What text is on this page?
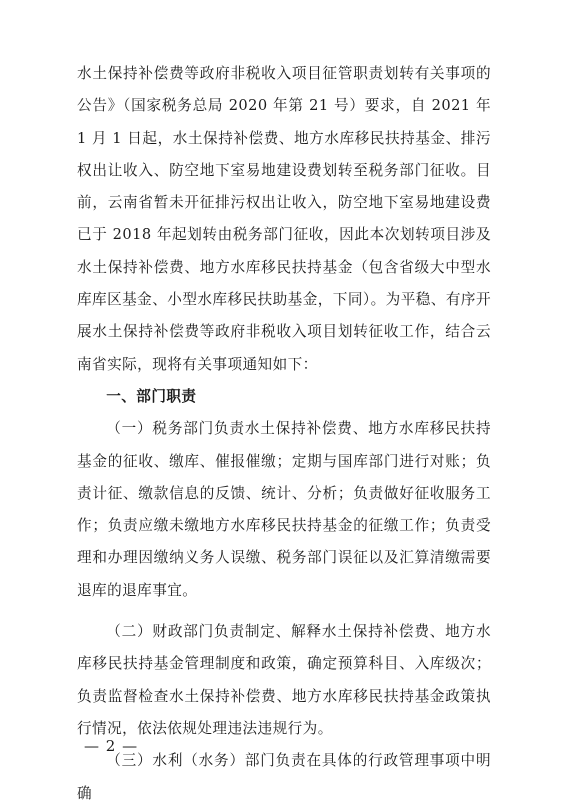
水土保持补偿费等政府非税收入项目征管职责划转有关事项的公告》（国家税务总局 2020 年第 21 号）要求，自 2021 年 1 月 1 日起，水土保持补偿费、地方水库移民扶持基金、排污权出让收入、防空地下室易地建设费划转至税务部门征收。目前，云南省暂未开征排污权出让收入，防空地下室易地建设费已于 2018 年起划转由税务部门征收，因此本次划转项目涉及水土保持补偿费、地方水库移民扶持基金（包含省级大中型水库库区基金、小型水库移民扶助基金，下同）。为平稳、有序开展水土保持补偿费等政府非税收入项目划转征收工作，结合云南省实际，现将有关事项通知如下：

一、部门职责

（一）税务部门负责水土保持补偿费、地方水库移民扶持基金的征收、缴库、催报催缴；定期与国库部门进行对账；负责计征、缴款信息的反馈、统计、分析；负责做好征收服务工作；负责应缴未缴地方水库移民扶持基金的征缴工作；负责受理和办理因缴纳义务人误缴、税务部门误征以及汇算清缴需要退库的退库事宜。

（二）财政部门负责制定、解释水土保持补偿费、地方水库移民扶持基金管理制度和政策，确定预算科目、入库级次；负责监督检查水土保持补偿费、地方水库移民扶持基金政策执行情况，依法依规处理违法违规行为。

（三）水利（水务）部门负责在具体的行政管理事项中明确

— 2 —
